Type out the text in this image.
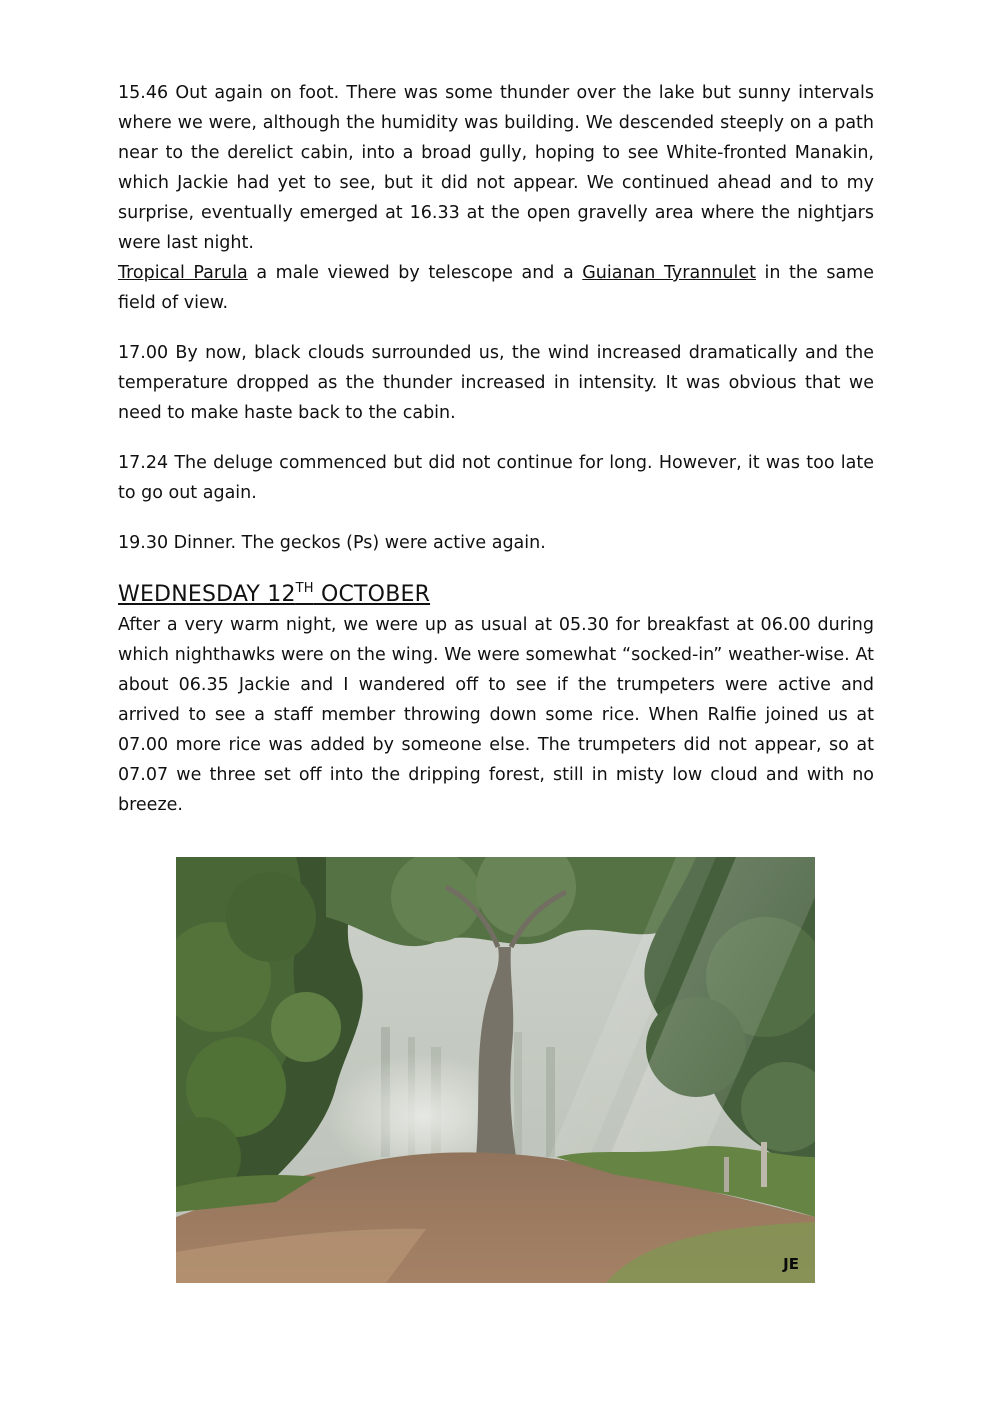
15.46 Out again on foot. There was some thunder over the lake but sunny intervals where we were, although the humidity was building. We descended steeply on a path near to the derelict cabin, into a broad gully, hoping to see White-fronted Manakin, which Jackie had yet to see, but it did not appear. We continued ahead and to my surprise, eventually emerged at 16.33 at the open gravelly area where the nightjars were last night.

Tropical Parula a male viewed by telescope and a Guianan Tyrannulet in the same field of view.

17.00 By now, black clouds surrounded us, the wind increased dramatically and the temperature dropped as the thunder increased in intensity. It was obvious that we need to make haste back to the cabin.

17.24 The deluge commenced but did not continue for long. However, it was too late to go out again.

19.30 Dinner. The geckos (Ps) were active again.

WEDNESDAY 12TH OCTOBER

After a very warm night, we were up as usual at 05.30 for breakfast at 06.00 during which nighthawks were on the wing. We were somewhat “socked-in” weather-wise. At about 06.35 Jackie and I wandered off to see if the trumpeters were active and arrived to see a staff member throwing down some rice. When Ralfie joined us at 07.00 more rice was added by someone else. The trumpeters did not appear, so at 07.07 we three set off into the dripping forest, still in misty low cloud and with no breeze.

JE
